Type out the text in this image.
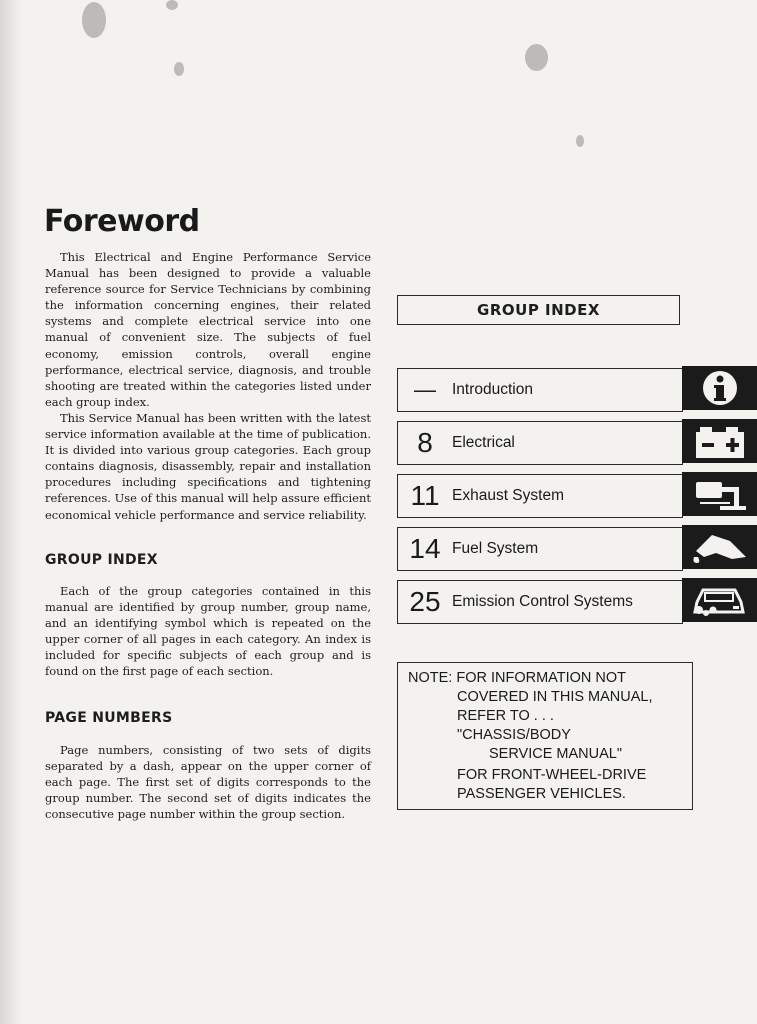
Foreword

This Electrical and Engine Performance Service Manual has been designed to provide a valuable reference source for Service Technicians by combining the information concerning engines, their related systems and complete electrical service into one manual of convenient size. The subjects of fuel economy, emission controls, overall engine performance, electrical service, diagnosis, and trouble shooting are treated within the categories listed under each group index.

This Service Manual has been written with the latest service information available at the time of publication. It is divided into various group categories. Each group contains diagnosis, disassembly, repair and installation procedures including specifications and tightening references. Use of this manual will help assure efficient economical vehicle performance and service reliability.

GROUP INDEX

Each of the group categories contained in this manual are identified by group number, group name, and an identifying symbol which is repeated on the upper corner of all pages in each category. An index is included for specific subjects of each group and is found on the first page of each section.

PAGE NUMBERS

Page numbers, consisting of two sets of digits separated by a dash, appear on the upper corner of each page. The first set of digits corresponds to the group number. The second set of digits indicates the consecutive page number within the group section.

GROUP INDEX
—	Introduction
8	Electrical
11 Exhaust System
14 Fuel System
25 Emission Control Systems
NOTE: FOR INFORMATION NOT
COVERED IN THIS MANUAL,
REFER TO . . .
"CHASSIS/BODY
SERVICE MANUAL"
FOR FRONT-WHEEL-DRIVE
PASSENGER VEHICLES.
